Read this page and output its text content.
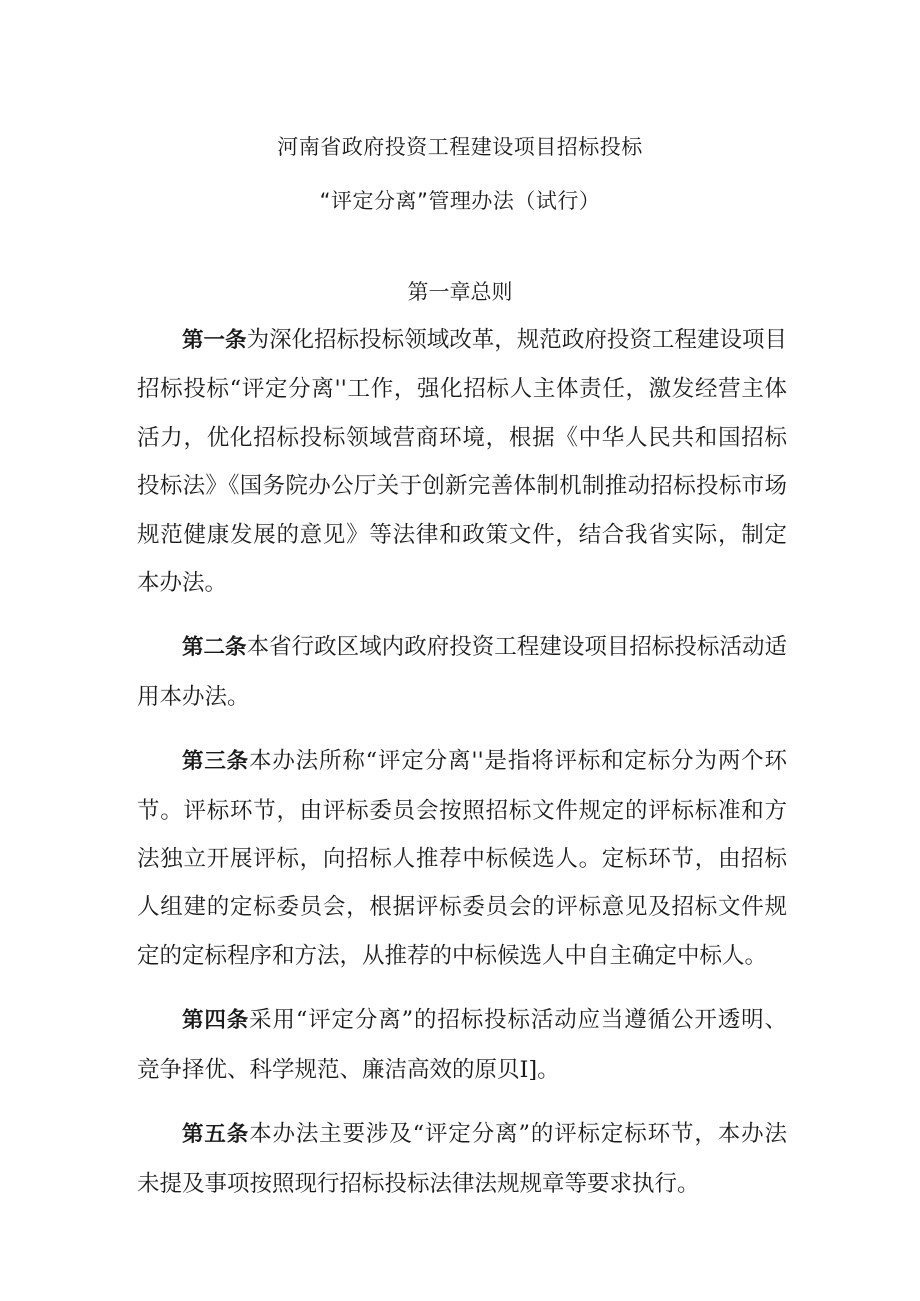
河南省政府投资工程建设项目招标投标
“评定分离”管理办法（试行）
第一章总则

第一条为深化招标投标领域改革，规范政府投资工程建设项目招标投标“评定分离''工作，强化招标人主体责任，激发经营主体活力，优化招标投标领域营商环境，根据《中华人民共和国招标投标法》《国务院办公厅关于创新完善体制机制推动招标投标市场规范健康发展的意见》等法律和政策文件，结合我省实际，制定本办法。

第二条本省行政区域内政府投资工程建设项目招标投标活动适用本办法。

第三条本办法所称“评定分离''是指将评标和定标分为两个环节。评标环节，由评标委员会按照招标文件规定的评标标准和方法独立开展评标，向招标人推荐中标候选人。定标环节，由招标人组建的定标委员会，根据评标委员会的评标意见及招标文件规定的定标程序和方法，从推荐的中标候选人中自主确定中标人。

第四条采用“评定分离”的招标投标活动应当遵循公开透明、竞争择优、科学规范、廉洁高效的原贝I]。

第五条本办法主要涉及“评定分离”的评标定标环节，本办法未提及事项按照现行招标投标法律法规规章等要求执行。
